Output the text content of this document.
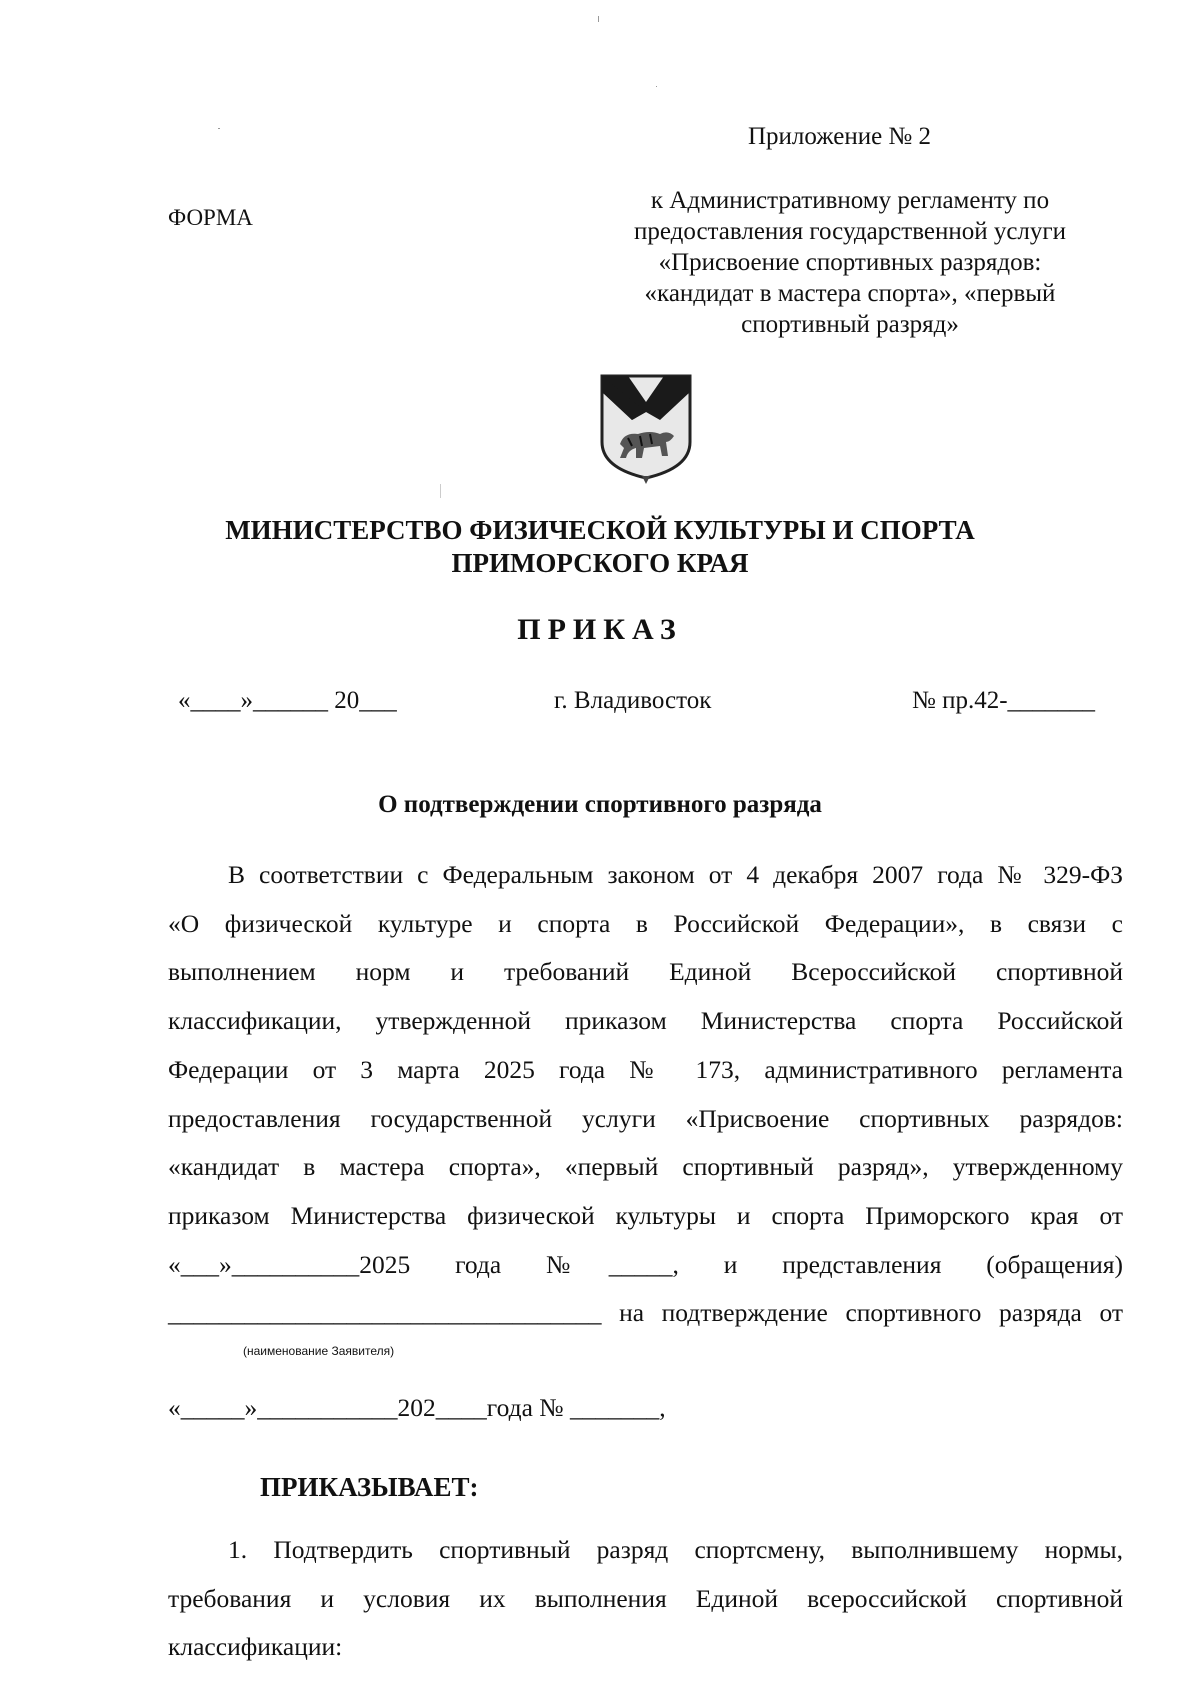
Приложение № 2
к Административному регламенту по
предоставления государственной услуги
«Присвоение спортивных разрядов:
«кандидат в мастера спорта», «первый
спортивный разряд»
ФОРМА
МИНИСТЕРСТВО ФИЗИЧЕСКОЙ КУЛЬТУРЫ И СПОРТА
ПРИМОРСКОГО КРАЯ
ПРИКАЗ
«____»______ 20___	г. Владивосток	№ пр.42-_______
О подтверждении спортивного разряда
В соответствии с Федеральным законом от 4 декабря 2007 года № 329-ФЗ
«О физической культуре и спорта в Российской Федерации», в связи с
выполнением норм и требований Единой Всероссийской спортивной
классификации, утвержденной приказом Министерства спорта Российской
Федерации от 3 марта 2025 года № 173, административного регламента
предоставления государственной услуги «Присвоение спортивных разрядов:
«кандидат в мастера спорта», «первый спортивный разряд», утвержденному
приказом Министерства физической культуры и спорта Приморского края от
«___»__________2025 года №_____, и представления (обращения)
__________________________________ на подтверждение спортивного разряда от
(наименование Заявителя)
«_____»___________202____года № _______,
ПРИКАЗЫВАЕТ:
1. Подтвердить спортивный разряд спортсмену, выполнившему нормы,
требования и условия их выполнения Единой всероссийской спортивной
классификации:
